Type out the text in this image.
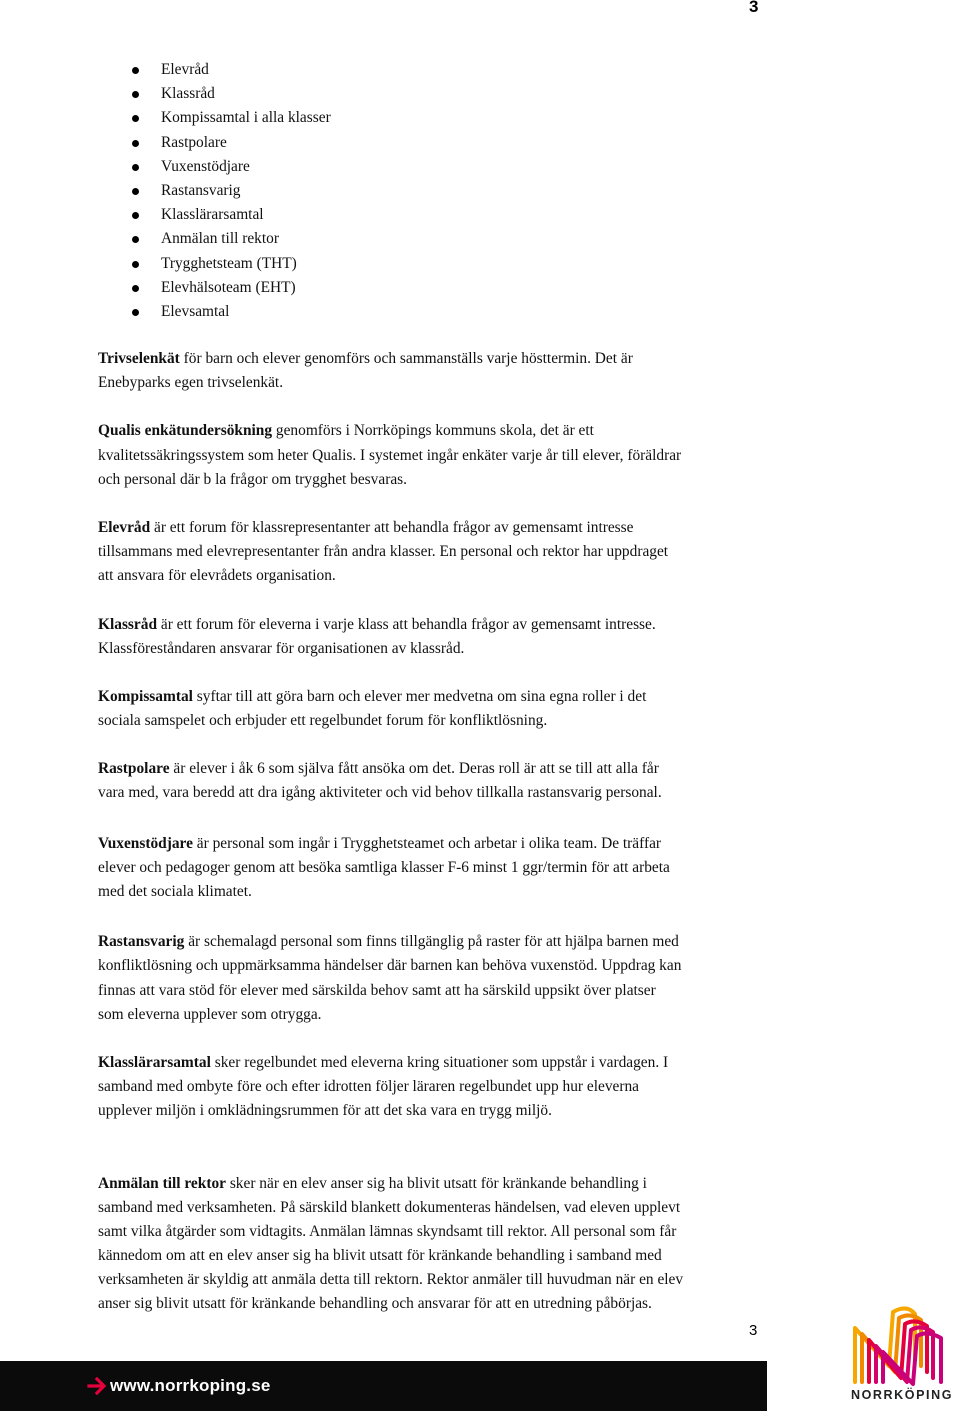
3
Elevråd
Klassråd
Kompissamtal i alla klasser
Rastpolare
Vuxenstödjare
Rastansvarig
Klasslärarsamtal
Anmälan till rektor
Trygghetsteam (THT)
Elevhälsoteam (EHT)
Elevsamtal

Trivselenkät för barn och elever genomförs och sammanställs varje hösttermin. Det är
Enebyparks egen trivselenkät.

Qualis enkätundersökning genomförs i Norrköpings kommuns skola, det är ett
kvalitetssäkringssystem som heter Qualis. I systemet ingår enkäter varje år till elever, föräldrar
och personal där b la frågor om trygghet besvaras.

Elevråd är ett forum för klassrepresentanter att behandla frågor av gemensamt intresse
tillsammans med elevrepresentanter från andra klasser. En personal och rektor har uppdraget
att ansvara för elevrådets organisation.

Klassråd är ett forum för eleverna i varje klass att behandla frågor av gemensamt intresse.
Klassföreståndaren ansvarar för organisationen av klassråd.

Kompissamtal syftar till att göra barn och elever mer medvetna om sina egna roller i det
sociala samspelet och erbjuder ett regelbundet forum för konfliktlösning.

Rastpolare är elever i åk 6 som själva fått ansöka om det. Deras roll är att se till att alla får
vara med, vara beredd att dra igång aktiviteter och vid behov tillkalla rastansvarig personal.

Vuxenstödjare är personal som ingår i Trygghetsteamet och arbetar i olika team. De träffar
elever och pedagoger genom att besöka samtliga klasser F-6 minst 1 ggr/termin för att arbeta
med det sociala klimatet.

Rastansvarig är schemalagd personal som finns tillgänglig på raster för att hjälpa barnen med
konfliktlösning och uppmärksamma händelser där barnen kan behöva vuxenstöd. Uppdrag kan
finnas att vara stöd för elever med särskilda behov samt att ha särskild uppsikt över platser
som eleverna upplever som otrygga.

Klasslärarsamtal sker regelbundet med eleverna kring situationer som uppstår i vardagen. I
samband med ombyte före och efter idrotten följer läraren regelbundet upp hur eleverna
upplever miljön i omklädningsrummen för att det ska vara en trygg miljö.

Anmälan till rektor sker när en elev anser sig ha blivit utsatt för kränkande behandling i
samband med verksamheten. På särskild blankett dokumenteras händelsen, vad eleven upplevt
samt vilka åtgärder som vidtagits. Anmälan lämnas skyndsamt till rektor. All personal som får
kännedom om att en elev anser sig ha blivit utsatt för kränkande behandling i samband med
verksamheten är skyldig att anmäla detta till rektorn. Rektor anmäler till huvudman när en elev
anser sig blivit utsatt för kränkande behandling och ansvarar för att en utredning påbörjas.

3
www.norrkoping.se	NORRKÖPING
